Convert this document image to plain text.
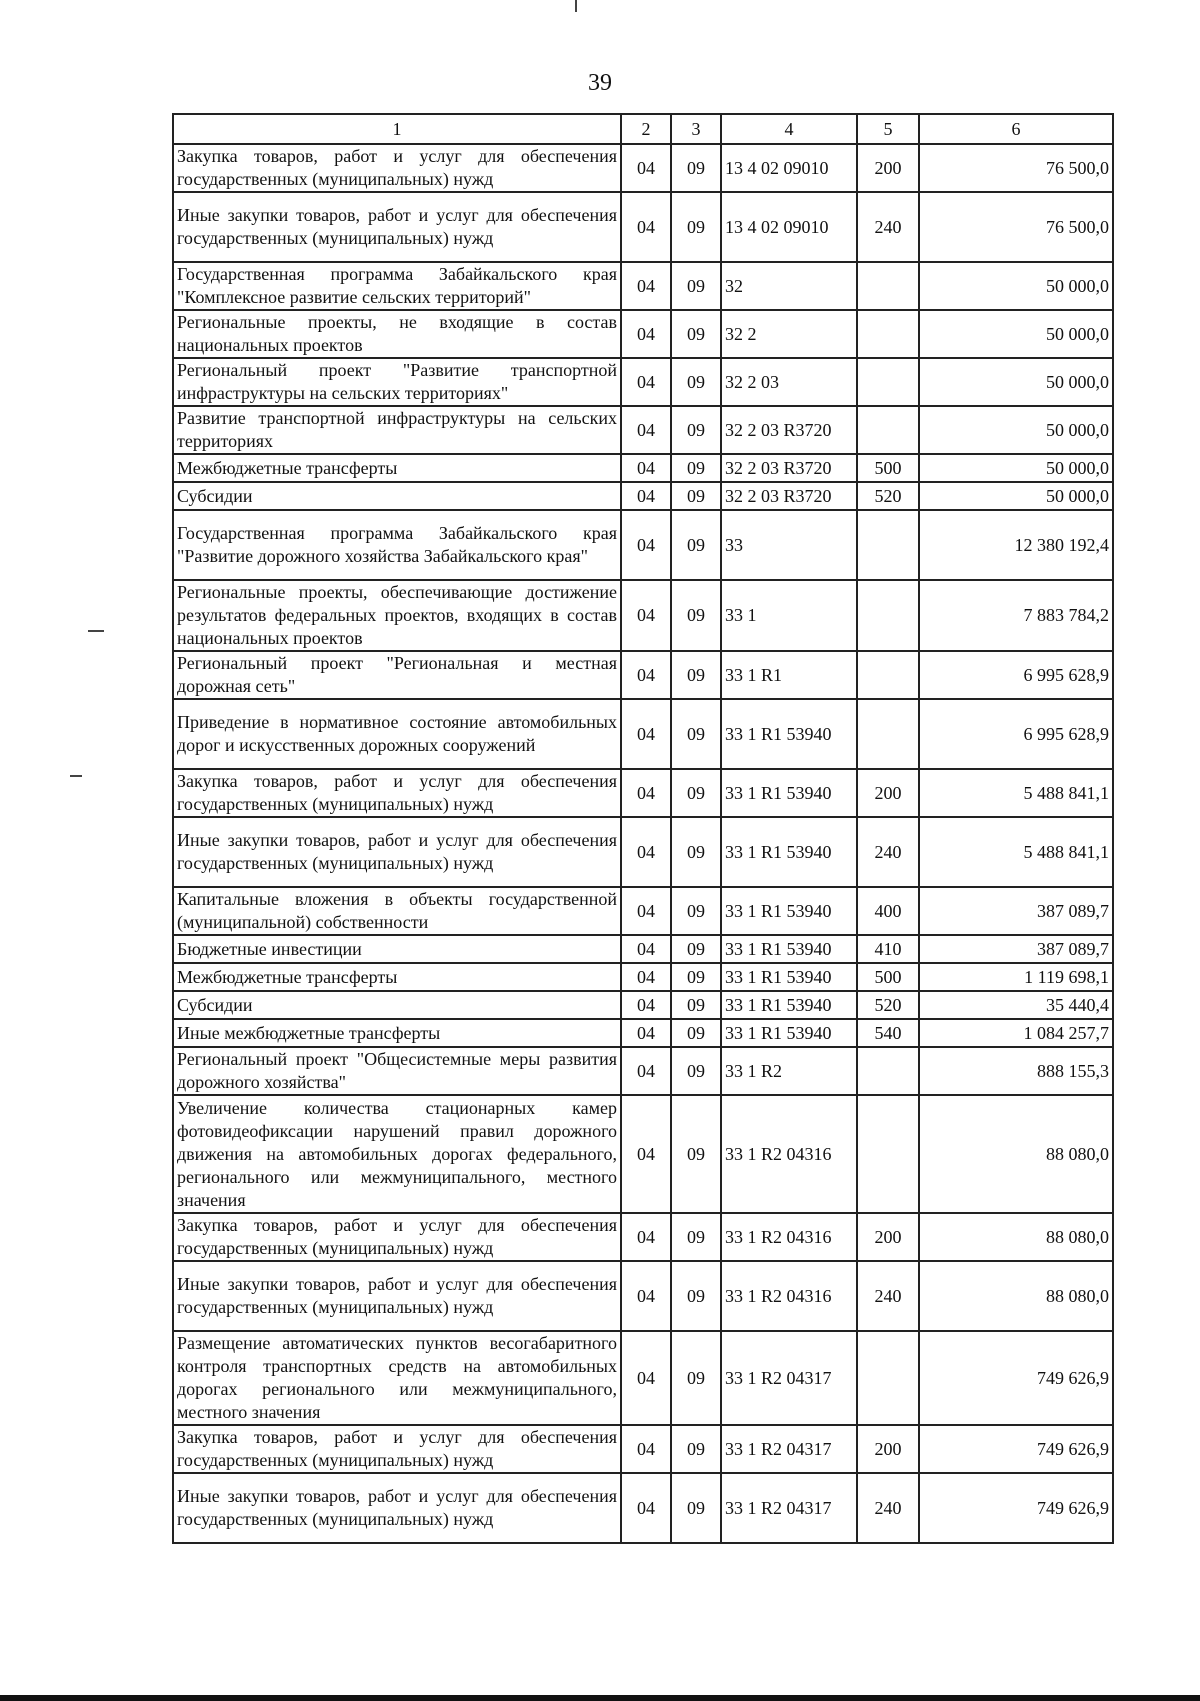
39
1	2	3	4	5	6
Закупка товаров, работ и услуг для обеспечения государственных (муниципальных) нужд	04	09	13 4 02 09010	200	76 500,0
Иные закупки товаров, работ и услуг для обеспечения государственных (муниципальных) нужд	04	09	13 4 02 09010	240	76 500,0
Государственная программа Забайкальского края "Комплексное развитие сельских территорий"	04	09	32		50 000,0
Региональные проекты, не входящие в состав национальных проектов	04	09	32 2		50 000,0
Региональный проект "Развитие транспортной инфраструктуры на сельских территориях"	04	09	32 2 03		50 000,0
Развитие транспортной инфраструктуры на сельских территориях	04	09	32 2 03 R3720		50 000,0
Межбюджетные трансферты	04	09	32 2 03 R3720	500	50 000,0
Субсидии	04	09	32 2 03 R3720	520	50 000,0
Государственная программа Забайкальского края "Развитие дорожного хозяйства Забайкальского края"	04	09	33		12 380 192,4
Региональные проекты, обеспечивающие достижение результатов федеральных проектов, входящих в состав национальных проектов	04	09	33 1		7 883 784,2
Региональный проект "Региональная и местная дорожная сеть"	04	09	33 1 R1		6 995 628,9
Приведение в нормативное состояние автомобильных дорог и искусственных дорожных сооружений	04	09	33 1 R1 53940		6 995 628,9
Закупка товаров, работ и услуг для обеспечения государственных (муниципальных) нужд	04	09	33 1 R1 53940	200	5 488 841,1
Иные закупки товаров, работ и услуг для обеспечения государственных (муниципальных) нужд	04	09	33 1 R1 53940	240	5 488 841,1
Капитальные вложения в объекты государственной (муниципальной) собственности	04	09	33 1 R1 53940	400	387 089,7
Бюджетные инвестиции	04	09	33 1 R1 53940	410	387 089,7
Межбюджетные трансферты	04	09	33 1 R1 53940	500	1 119 698,1
Субсидии	04	09	33 1 R1 53940	520	35 440,4
Иные межбюджетные трансферты	04	09	33 1 R1 53940	540	1 084 257,7
Региональный проект "Общесистемные меры развития дорожного хозяйства"	04	09	33 1 R2		888 155,3
Увеличение количества стационарных камер фотовидеофиксации нарушений правил дорожного движения на автомобильных дорогах федерального, регионального или межмуниципального, местного значения	04	09	33 1 R2 04316		88 080,0
Закупка товаров, работ и услуг для обеспечения государственных (муниципальных) нужд	04	09	33 1 R2 04316	200	88 080,0
Иные закупки товаров, работ и услуг для обеспечения государственных (муниципальных) нужд	04	09	33 1 R2 04316	240	88 080,0
Размещение автоматических пунктов весогабаритного контроля транспортных средств на автомобильных дорогах регионального или межмуниципального, местного значения	04	09	33 1 R2 04317		749 626,9
Закупка товаров, работ и услуг для обеспечения государственных (муниципальных) нужд	04	09	33 1 R2 04317	200	749 626,9
Иные закупки товаров, работ и услуг для обеспечения государственных (муниципальных) нужд	04	09	33 1 R2 04317	240	749 626,9
